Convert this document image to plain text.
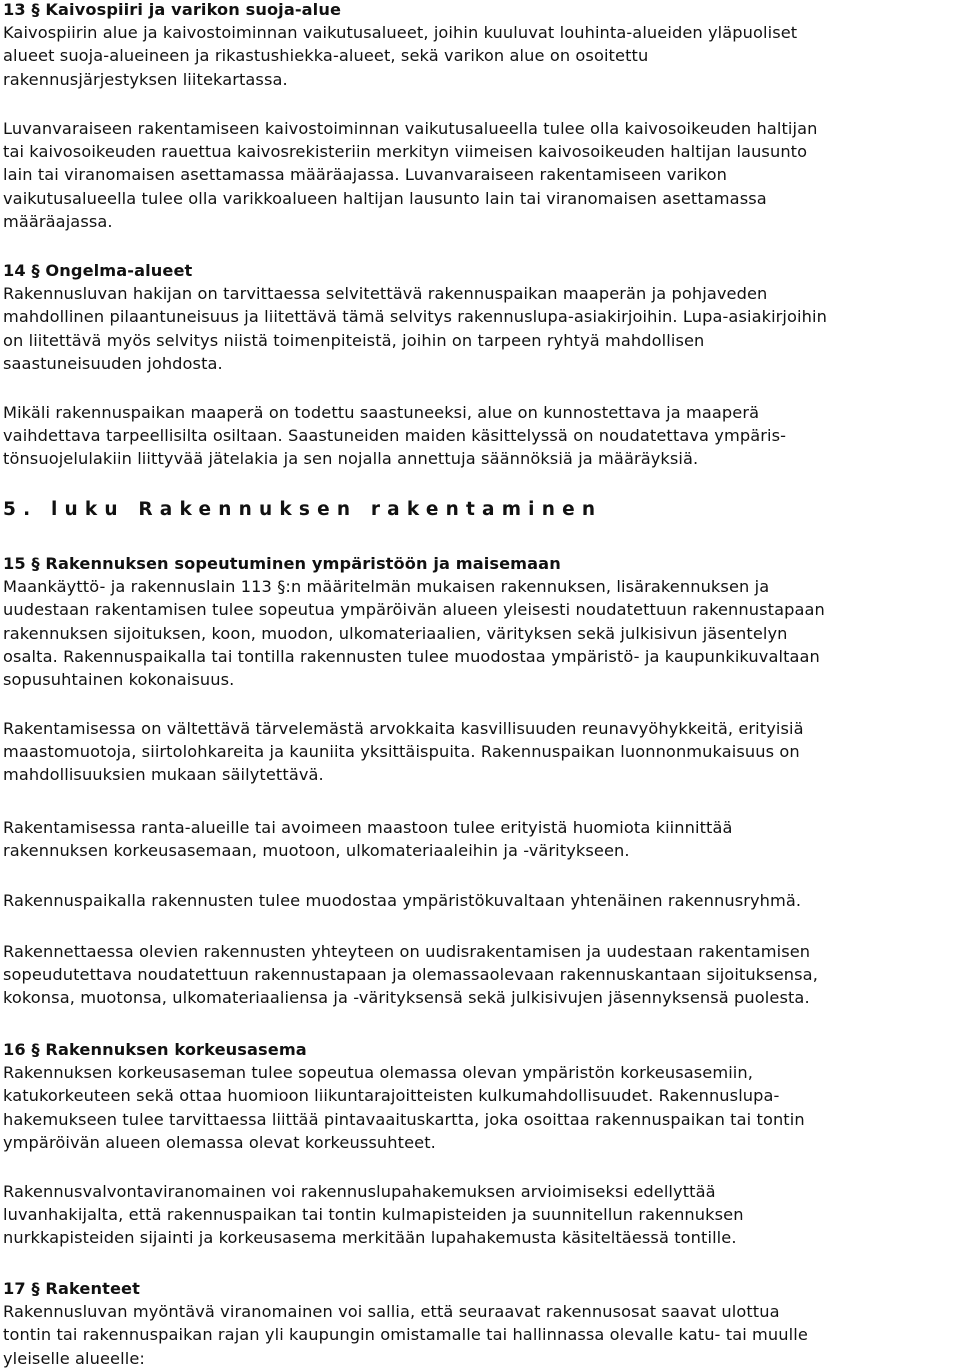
13 § Kaivospiiri ja varikon suoja-alue
Kaivospiirin alue ja kaivostoiminnan vaikutusalueet, joihin kuuluvat louhinta-alueiden yläpuoliset
alueet suoja-alueineen ja rikastushiekka-alueet, sekä varikon alue on osoitettu
rakennusjärjestyksen liitekartassa.
Luvanvaraiseen rakentamiseen kaivostoiminnan vaikutusalueella tulee olla kaivosoikeuden haltijan
tai kaivosoikeuden rauettua kaivosrekisteriin merkityn viimeisen kaivosoikeuden haltijan lausunto
lain tai viranomaisen asettamassa määräajassa. Luvanvaraiseen rakentamiseen varikon
vaikutusalueella tulee olla varikkoalueen haltijan lausunto lain tai viranomaisen asettamassa
määräajassa.
14 § Ongelma-alueet
Rakennusluvan hakijan on tarvittaessa selvitettävä rakennuspaikan maaperän ja pohjaveden
mahdollinen pilaantuneisuus ja liitettävä tämä selvitys rakennuslupa-asiakirjoihin. Lupa-asiakirjoihin
on liitettävä myös selvitys niistä toimenpiteistä, joihin on tarpeen ryhtyä mahdollisen
saastuneisuuden johdosta.
Mikäli rakennuspaikan maaperä on todettu saastuneeksi, alue on kunnostettava ja maaperä
vaihdettava tarpeellisilta osiltaan. Saastuneiden maiden käsittelyssä on noudatettava ympäris-
tönsuojelulakiin liittyvää jätelakia ja sen nojalla annettuja säännöksiä ja määräyksiä.
5. luku Rakennuksen rakentaminen
15 § Rakennuksen sopeutuminen ympäristöön ja maisemaan
Maankäyttö- ja rakennuslain 113 §:n määritelmän mukaisen rakennuksen, lisärakennuksen ja
uudestaan rakentamisen tulee sopeutua ympäröivän alueen yleisesti noudatettuun rakennustapaan
rakennuksen sijoituksen, koon, muodon, ulkomateriaalien, värityksen sekä julkisivun jäsentelyn
osalta. Rakennuspaikalla tai tontilla rakennusten tulee muodostaa ympäristö- ja kaupunkikuvaltaan
sopusuhtainen kokonaisuus.
Rakentamisessa on vältettävä tärvelemästä arvokkaita kasvillisuuden reunavyöhykkeitä, erityisiä
maastomuotoja, siirtolohkareita ja kauniita yksittäispuita. Rakennuspaikan luonnonmukaisuus on
mahdollisuuksien mukaan säilytettävä.
Rakentamisessa ranta-alueille tai avoimeen maastoon tulee erityistä huomiota kiinnittää
rakennuksen korkeusasemaan, muotoon, ulkomateriaaleihin ja -väritykseen.
Rakennuspaikalla rakennusten tulee muodostaa ympäristökuvaltaan yhtenäinen rakennusryhmä.
Rakennettaessa olevien rakennusten yhteyteen on uudisrakentamisen ja uudestaan rakentamisen
sopeudutettava noudatettuun rakennustapaan ja olemassaolevaan rakennuskantaan sijoituksensa,
kokonsa, muotonsa, ulkomateriaaliensa ja -värityksensä sekä julkisivujen jäsennyksensä puolesta.
16 § Rakennuksen korkeusasema
Rakennuksen korkeusaseman tulee sopeutua olemassa olevan ympäristön korkeusasemiin,
katukorkeuteen sekä ottaa huomioon liikuntarajoitteisten kulkumahdollisuudet. Rakennuslupa-
hakemukseen tulee tarvittaessa liittää pintavaaituskartta, joka osoittaa rakennuspaikan tai tontin
ympäröivän alueen olemassa olevat korkeussuhteet.
Rakennusvalvontaviranomainen voi rakennuslupahakemuksen arvioimiseksi edellyttää
luvanhakijalta, että rakennuspaikan tai tontin kulmapisteiden ja suunnitellun rakennuksen
nurkkapisteiden sijainti ja korkeusasema merkitään lupahakemusta käsiteltäessä tontille.
17 § Rakenteet
Rakennusluvan myöntävä viranomainen voi sallia, että seuraavat rakennusosat saavat ulottua
tontin tai rakennuspaikan rajan yli kaupungin omistamalle tai hallinnassa olevalle katu- tai muulle
yleiselle alueelle:
